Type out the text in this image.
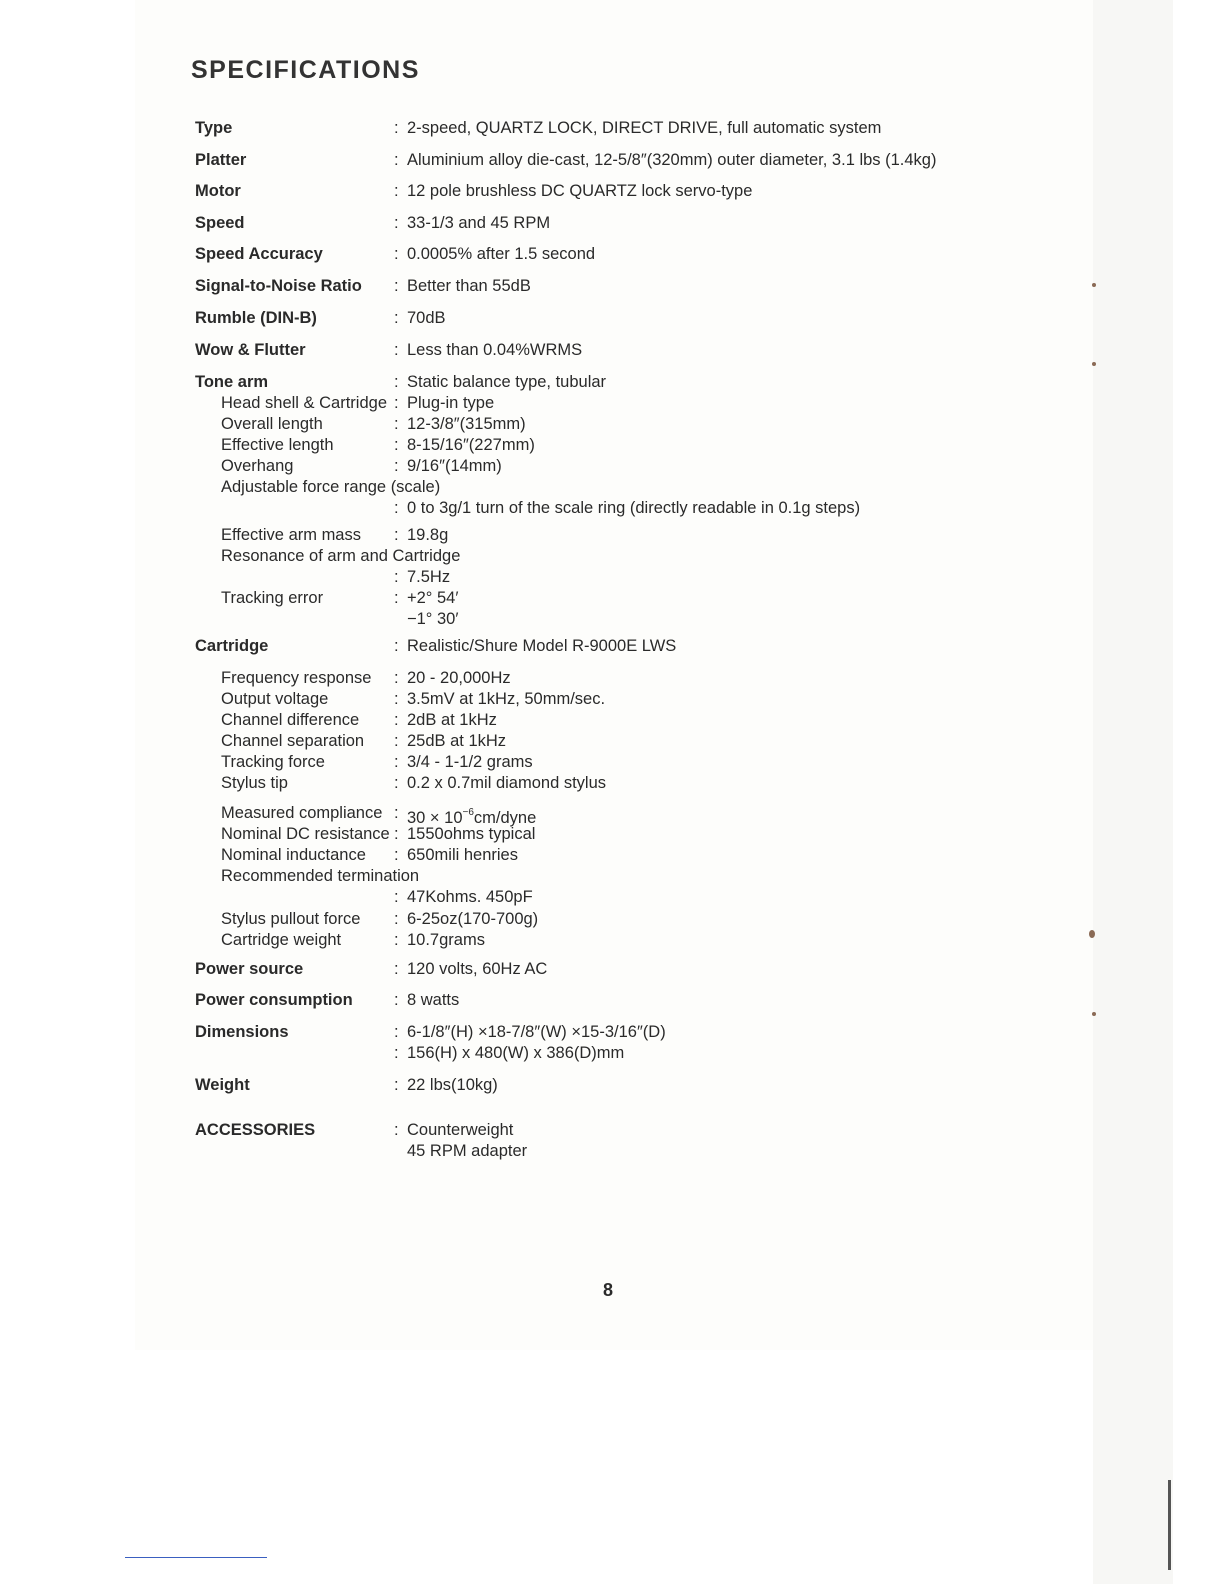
SPECIFICATIONS
Type	: 2-speed, QUARTZ LOCK, DIRECT DRIVE, full automatic system
Platter	: Aluminium alloy die-cast, 12-5/8″(320mm) outer diameter, 3.1 lbs (1.4kg)
Motor	: 12 pole brushless DC QUARTZ lock servo-type
Speed	: 33-1/3 and 45 RPM
Speed Accuracy	: 0.0005% after 1.5 second
Signal-to-Noise Ratio : Better than 55dB
Rumble (DIN-B)	: 70dB
Wow & Flutter	: Less than 0.04%WRMS
Tone arm	: Static balance type, tubular
Head shell & Cartridge : Plug-in type
Overall length	: 12-3/8″(315mm)
Effective length	: 8-15/16″(227mm)
Overhang	: 9/16″(14mm)
Adjustable force range (scale)
: 0 to 3g/1 turn of the scale ring (directly readable in 0.1g steps)
Effective arm mass : 19.8g
Resonance of arm and Cartridge
: 7.5Hz
Tracking error	: +2° 54′
−1° 30′
Cartridge	: Realistic/Shure Model R-9000E LWS
Frequency response : 20 - 20,000Hz
Output voltage	: 3.5mV at 1kHz, 50mm/sec.
Channel difference : 2dB at 1kHz
Channel separation : 25dB at 1kHz
Tracking force	: 3/4 - 1-1/2 grams
Stylus tip	: 0.2 x 0.7mil diamond stylus
Measured compliance : $30 \times 10^{-6}cm$/dyne
Nominal DC resistance : 1550ohms typical
Nominal inductance : 650mili henries
Recommended termination
: 47Kohms. 450pF
Stylus pullout force : 6-25oz(170-700g)
Cartridge weight	: 10.7grams
Power source	: 120 volts, 60Hz AC
Power consumption	: 8 watts
Dimensions	: 6-1/8″(H) ×18-7/8″(W) ×15-3/16″(D)
: 156(H) x 480(W) x 386(D)mm
Weight	: 22 lbs(10kg)
ACCESSORIES	: Counterweight
45 RPM adapter
8
